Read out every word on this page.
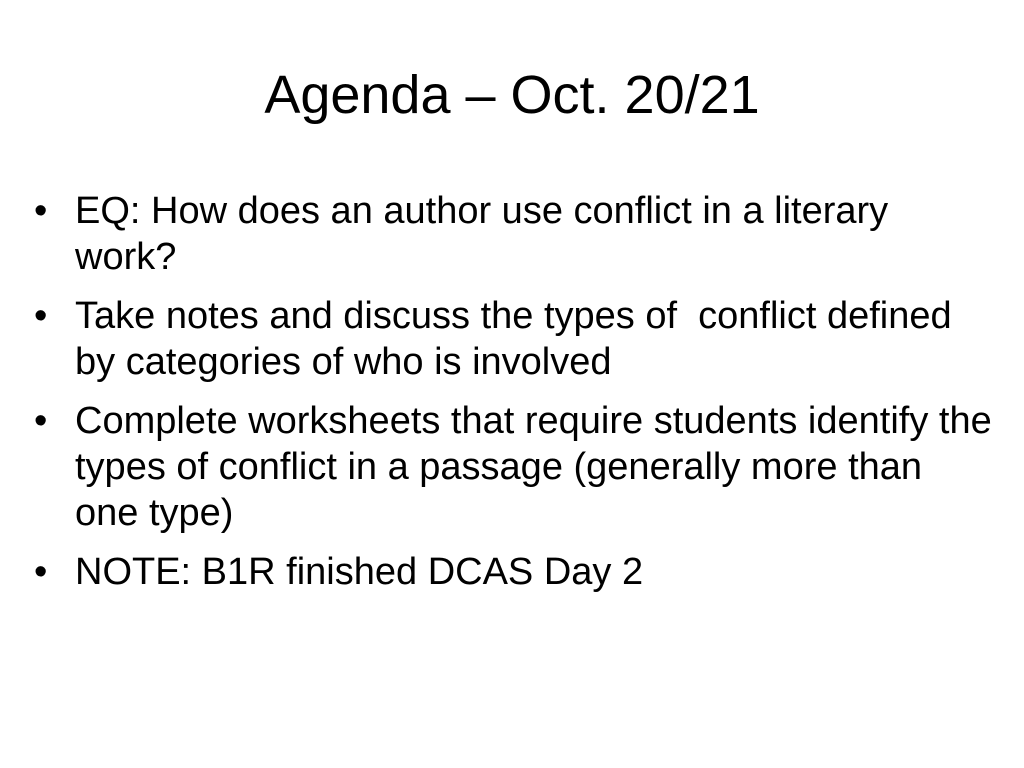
Agenda – Oct. 20/21
• EQ: How does an author use conflict in a literary work?
• Take notes and discuss the types of  conflict defined by categories of who is involved
• Complete worksheets that require students identify the types of conflict in a passage (generally more than one type)
• NOTE: B1R finished DCAS Day 2
